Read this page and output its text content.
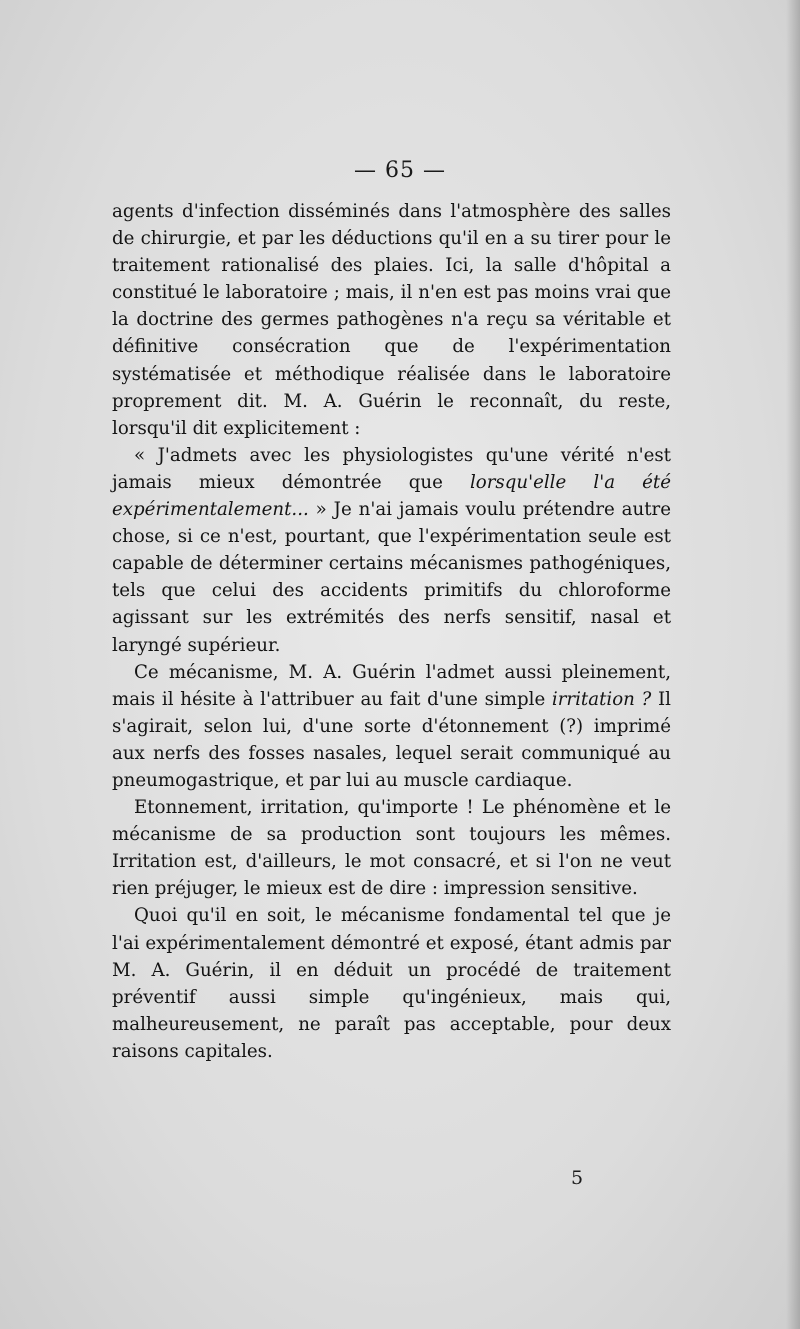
— 65 —

agents d'infection disséminés dans l'atmosphère des salles de chirurgie, et par les déductions qu'il en a su tirer pour le traitement rationalisé des plaies. Ici, la salle d'hôpital a constitué le laboratoire ; mais, il n'en est pas moins vrai que la doctrine des germes pathogènes n'a reçu sa véritable et définitive consécration que de l'expérimentation systématisée et méthodique réalisée dans le laboratoire proprement dit. M. A. Guérin le reconnaît, du reste, lorsqu'il dit explicitement :

« J'admets avec les physiologistes qu'une vérité n'est jamais mieux démontrée que lorsqu'elle l'a été expérimentalement... » Je n'ai jamais voulu prétendre autre chose, si ce n'est, pourtant, que l'expérimentation seule est capable de déterminer certains mécanismes pathogéniques, tels que celui des accidents primitifs du chloroforme agissant sur les extrémités des nerfs sensitif, nasal et laryngé supérieur.

Ce mécanisme, M. A. Guérin l'admet aussi pleinement, mais il hésite à l'attribuer au fait d'une simple irritation ? Il s'agirait, selon lui, d'une sorte d'étonnement (?) imprimé aux nerfs des fosses nasales, lequel serait communiqué au pneumogastrique, et par lui au muscle cardiaque.

Etonnement, irritation, qu'importe ! Le phénomène et le mécanisme de sa production sont toujours les mêmes. Irritation est, d'ailleurs, le mot consacré, et si l'on ne veut rien préjuger, le mieux est de dire : impression sensitive.

Quoi qu'il en soit, le mécanisme fondamental tel que je l'ai expérimentalement démontré et exposé, étant admis par M. A. Guérin, il en déduit un procédé de traitement préventif aussi simple qu'ingénieux, mais qui, malheureusement, ne paraît pas acceptable, pour deux raisons capitales.

5
